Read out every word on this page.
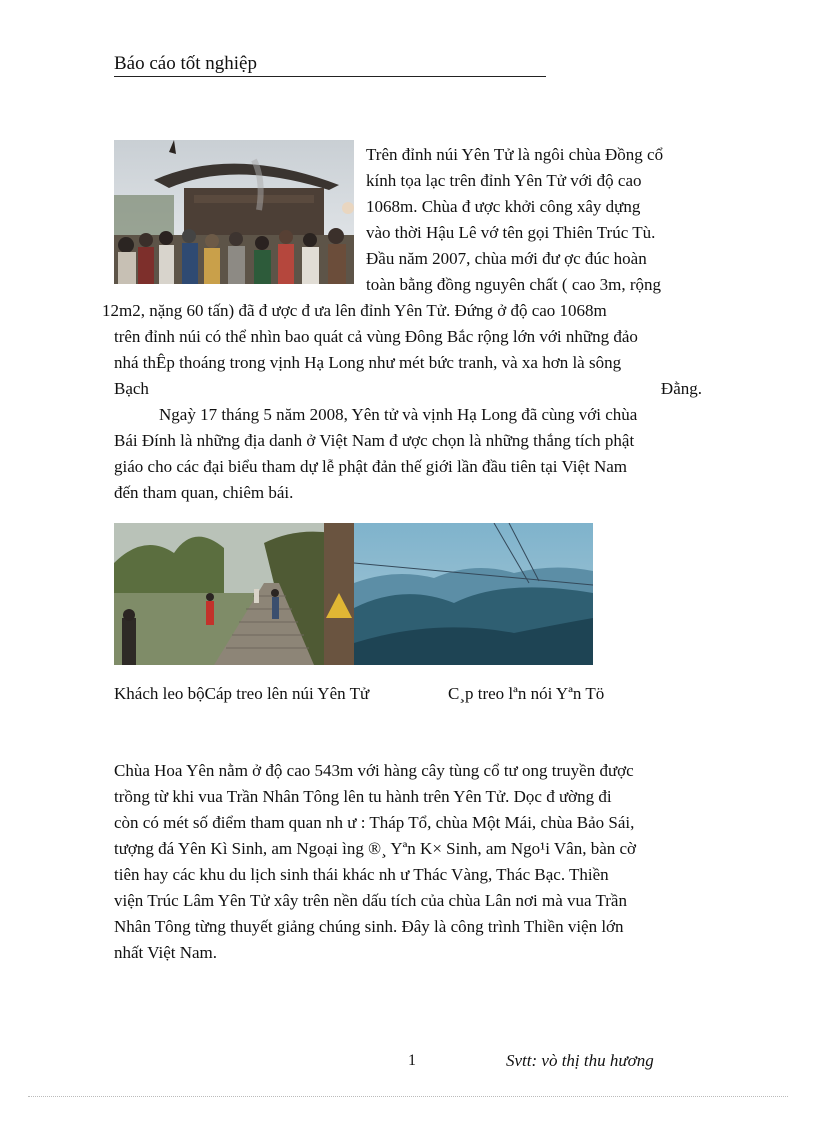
Báo cáo tốt nghiệp
Trên đỉnh núi Yên Tử là ngôi chùa Đồng cổ
kính tọa lạc trên đỉnh Yên Tử với độ cao
1068m. Chùa đ ược khởi công xây dựng
vào thời Hậu Lê vớ tên gọi Thiên Trúc Tù.
Đầu năm 2007, chùa mới đư ợc đúc hoàn
toàn bằng đồng nguyên chất ( cao 3m, rộng
12m2, nặng 60 tấn) đã đ ược đ ưa lên đỉnh Yên Tử. Đứng ở độ cao 1068m
trên đỉnh núi có thể nhìn bao quát cả vùng Đông Bắc rộng lớn với những đảo
nhá thÊp thoáng trong vịnh Hạ Long như mét bức tranh, và xa hơn là sông
Bạch	Đằng.
Ngaỳ 17 tháng 5 năm 2008, Yên tử và vịnh Hạ Long đã cùng với chùa
Bái Đính là những địa danh ở Việt Nam đ ược chọn là những thắng tích phật
giáo cho các đại biểu tham dự lễ phật đản thế giới lần đầu tiên tại Việt Nam
đến tham quan, chiêm bái.
Khách leo bộCáp treo lên núi Yên Tử	C¸p treo lªn nói Yªn Tö
Chùa Hoa Yên nằm ở độ cao 543m với hàng cây tùng cổ tư ong truyền được
trồng từ khi vua Trần Nhân Tông lên tu hành trên Yên Tử. Dọc đ ường đi
còn có mét số điểm tham quan nh ư : Tháp Tổ, chùa Một Mái, chùa Bảo Sái,
tượng đá Yên Kì Sinh, am Ngoại ìng ®¸ Yªn K× Sinh, am Ngo¹i Vân, bàn cờ
tiên hay các khu du lịch sinh thái khác nh ư Thác Vàng, Thác Bạc. Thiền
viện Trúc Lâm Yên Tử xây trên nền dấu tích của chùa Lân nơi mà vua Trần
Nhân Tông từng thuyết giảng chúng sinh. Đây là công trình Thiền viện lớn
nhất Việt Nam.
1	Svtt: vò thị thu hương
